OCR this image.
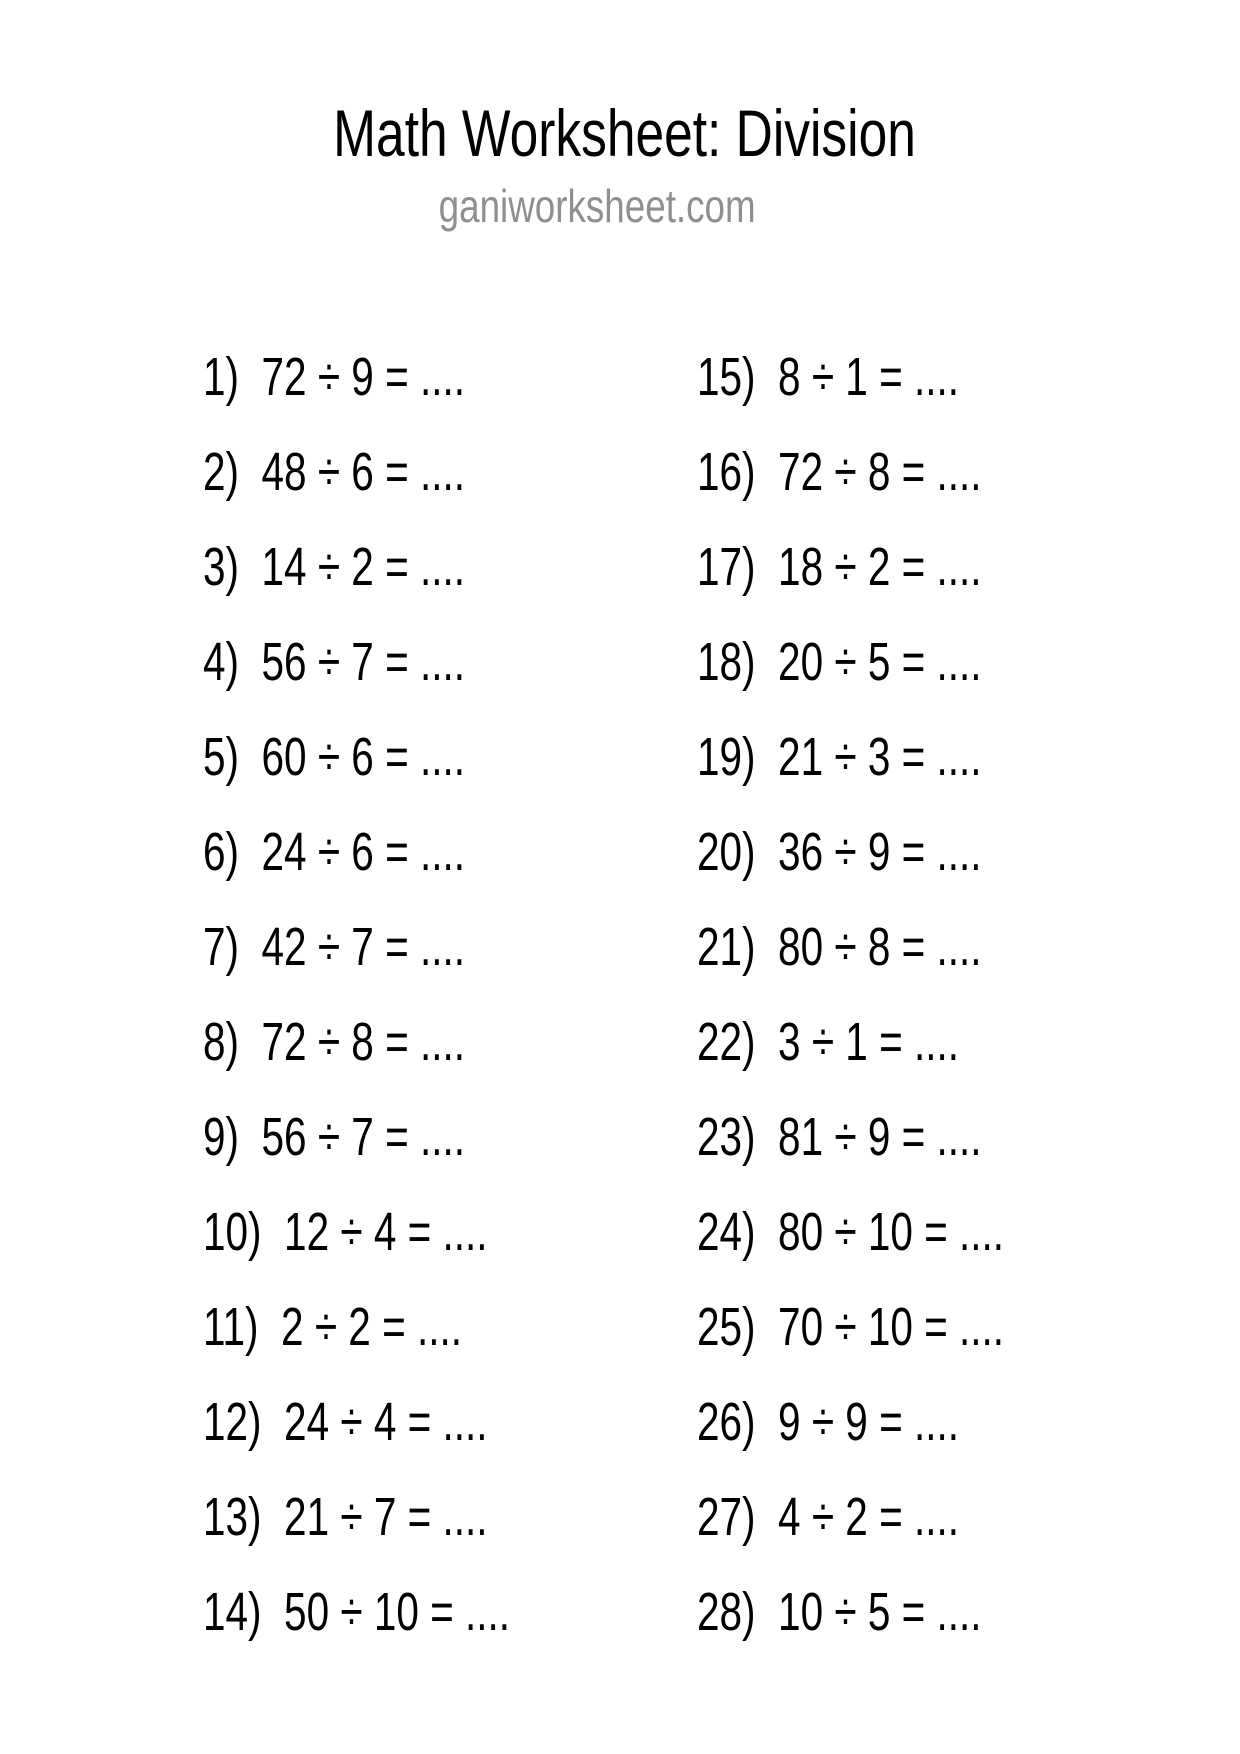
Math Worksheet: Division
ganiworksheet.com
1) 72 ÷ 9 = ....
2) 48 ÷ 6 = ....
3) 14 ÷ 2 = ....
4) 56 ÷ 7 = ....
5) 60 ÷ 6 = ....
6) 24 ÷ 6 = ....
7) 42 ÷ 7 = ....
8) 72 ÷ 8 = ....
9) 56 ÷ 7 = ....
10) 12 ÷ 4 = ....
11) 2 ÷ 2 = ....
12) 24 ÷ 4 = ....
13) 21 ÷ 7 = ....
14) 50 ÷ 10 = ....
15) 8 ÷ 1 = ....
16) 72 ÷ 8 = ....
17) 18 ÷ 2 = ....
18) 20 ÷ 5 = ....
19) 21 ÷ 3 = ....
20) 36 ÷ 9 = ....
21) 80 ÷ 8 = ....
22) 3 ÷ 1 = ....
23) 81 ÷ 9 = ....
24) 80 ÷ 10 = ....
25) 70 ÷ 10 = ....
26) 9 ÷ 9 = ....
27) 4 ÷ 2 = ....
28) 10 ÷ 5 = ....
